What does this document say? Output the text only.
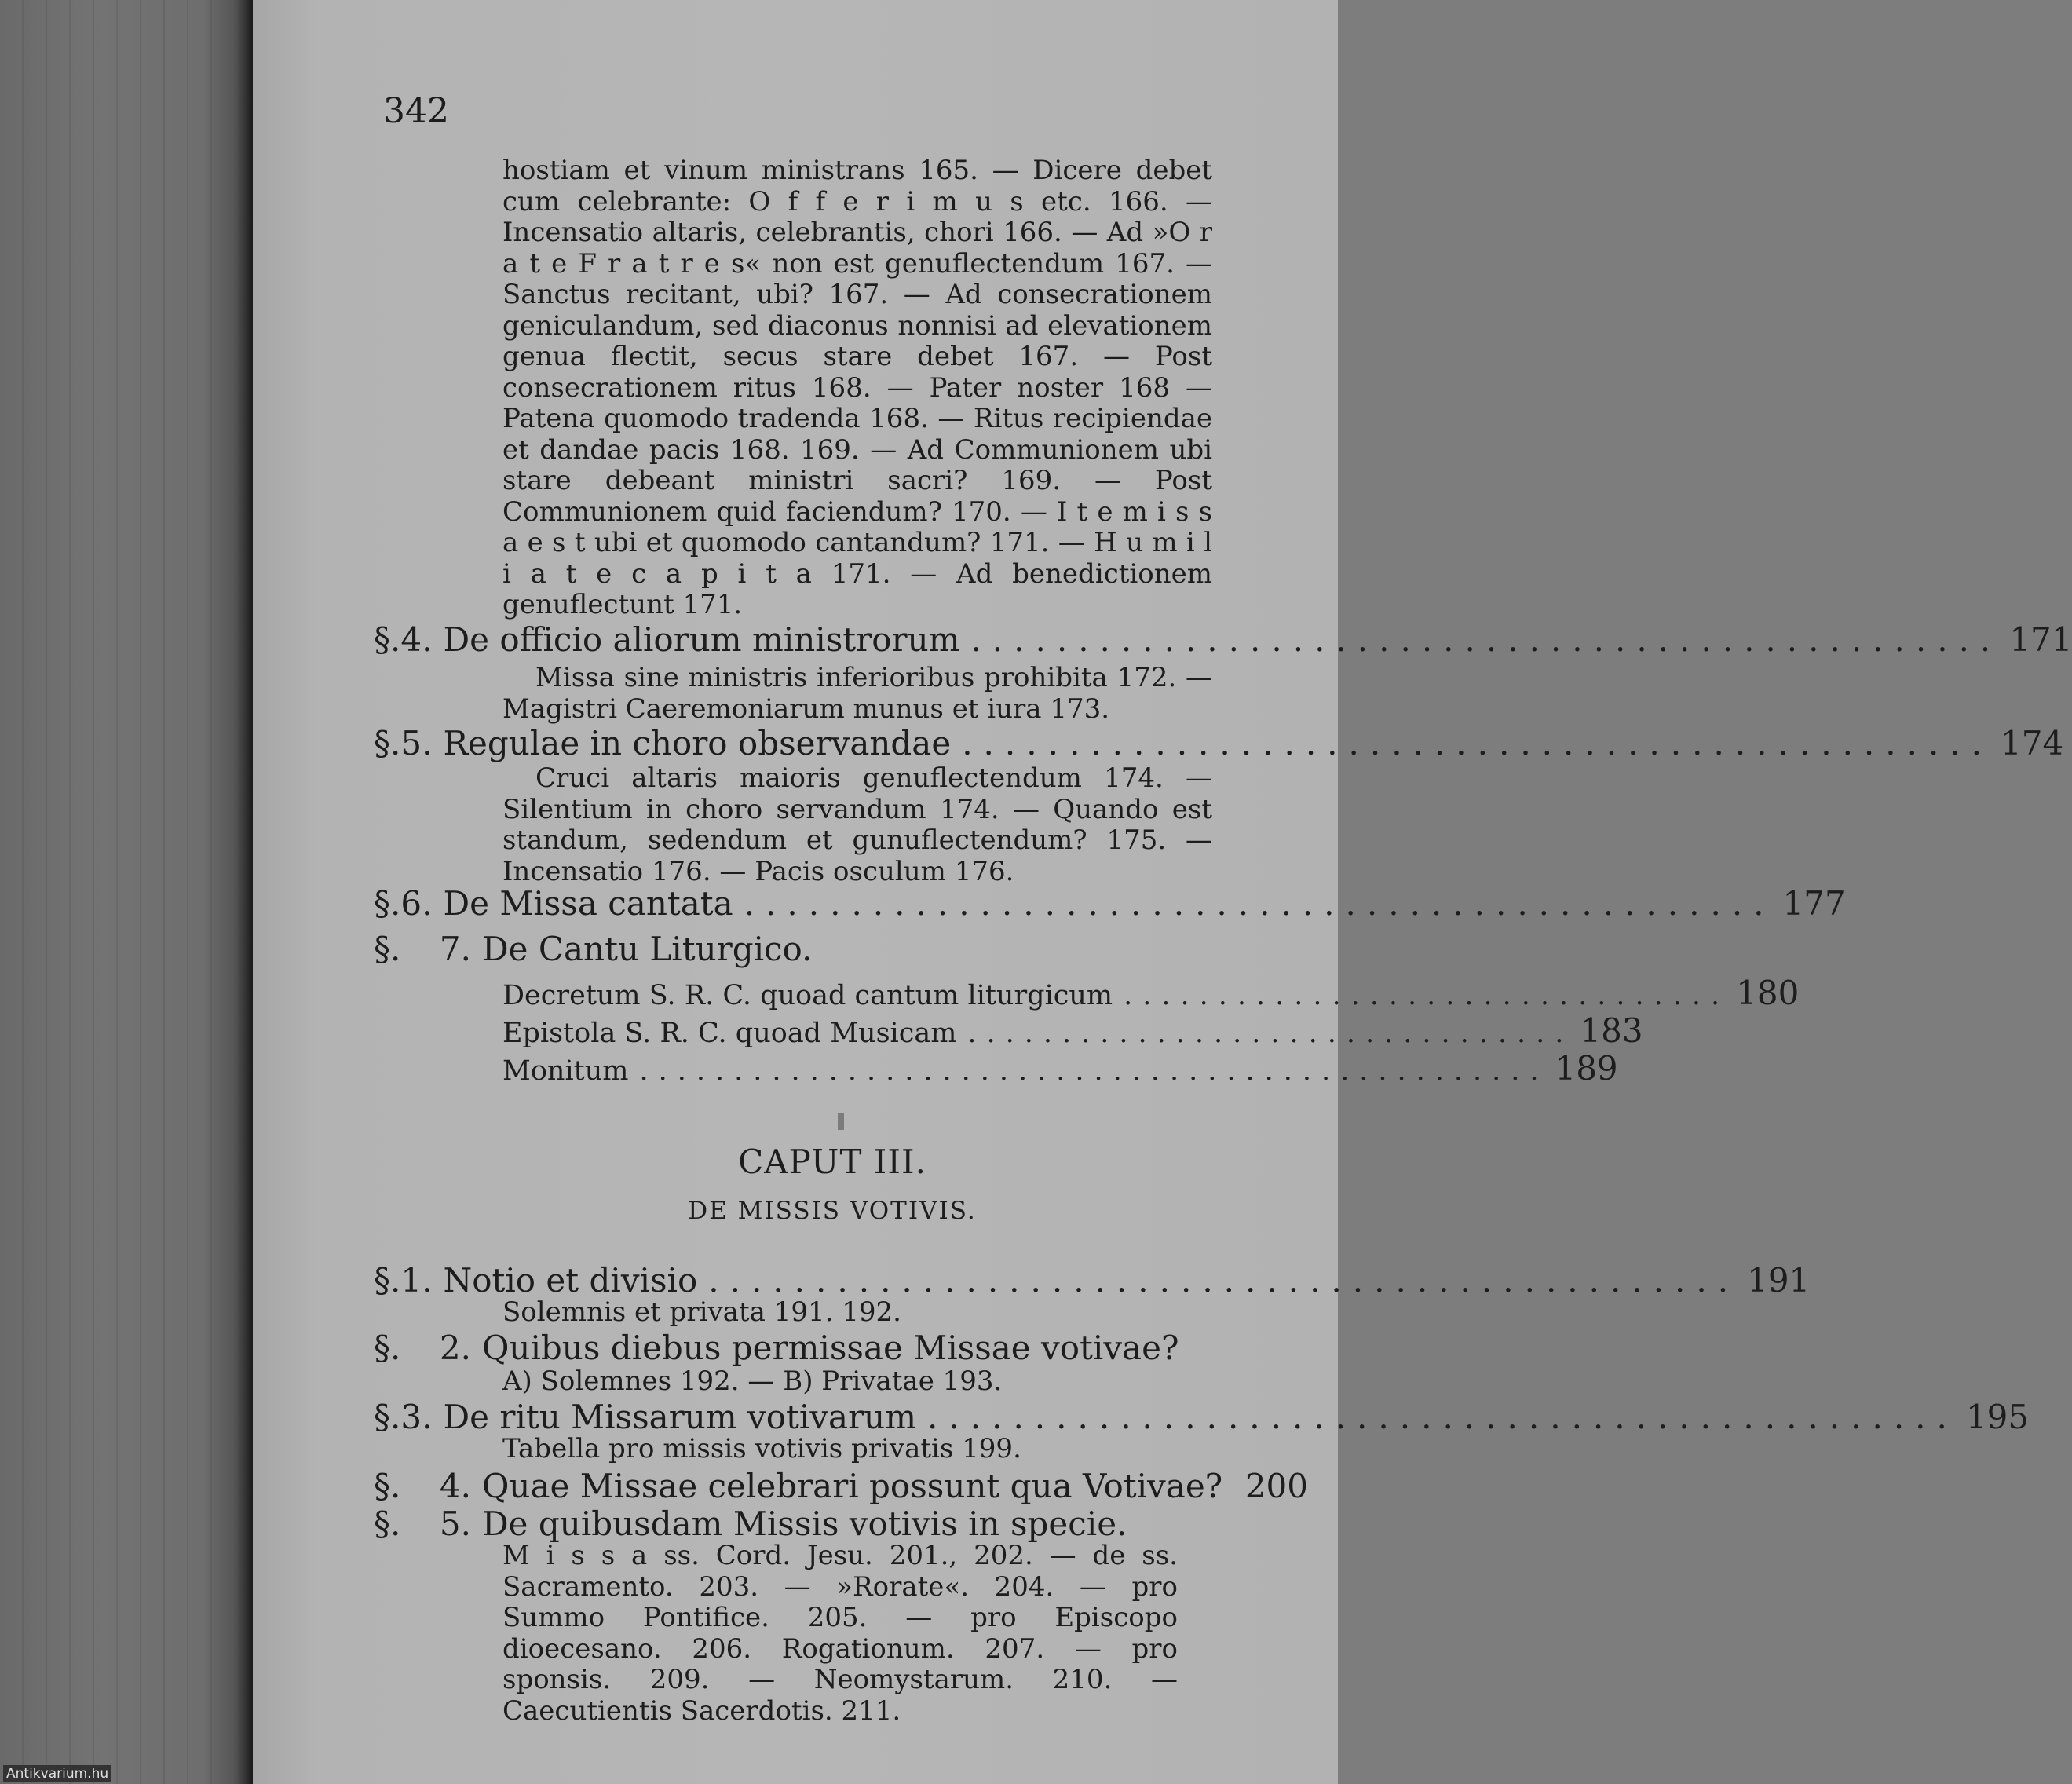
342

hostiam et vinum ministrans 165. — Dicere debet cum celebrante: O f f e r i m u s etc. 166. — Incensatio altaris, celebrantis, chori 166. — Ad »O r a t e F r a t r e s« non est genuflectendum 167. — Sanctus recitant, ubi? 167. — Ad consecrationem geniculandum, sed diaconus nonnisi ad elevationem genua flectit, secus stare debet 167. — Post consecrationem ritus 168. — Pater noster 168 — Patena quomodo tradenda 168. — Ritus recipiendae et dandae pacis 168. 169. — Ad Communionem ubi stare debeant ministri sacri? 169. — Post Communionem quid faciendum? 170. — I t e m i s s a e s t ubi et quomodo cantandum? 171. — H u m i l i a t e c a p i t a 171. — Ad benedictionem genuflectunt 171.

§. 4. De officio aliorum ministrorum ................................................ 171

Missa sine ministris inferioribus prohibita 172. — Magistri Caeremoniarum munus et iura 173.

§. 5. Regulae in choro observandae ................................................ 174

Cruci altaris maioris genuflectendum 174. — Silentium in choro servandum 174. — Quando est standum, sedendum et gunuflectendum? 175. — Incensatio 176. — Pacis osculum 176.

§. 6. De Missa cantata ................................................ 177
§.	7. De Cantu Liturgico.
Decretum S. R. C. quoad cantum liturgicum ................................ 180
Epistola S. R. C. quoad Musicam ................................ 183
Monitum ................................................ 189
CAPUT III.
DE MISSIS VOTIVIS.
§. 1. Notio et divisio ................................................ 191

Solemnis et privata 191. 192.

§.	2. Quibus diebus permissae Missae votivae?

A) Solemnes 192. — B) Privatae 193.

§. 3. De ritu Missarum votivarum ................................................ 195

Tabella pro missis votivis privatis 199.

§.	4. Quae Missae celebrari possunt qua Votivae? 200
§.	5. De quibusdam Missis votivis in specie.

M i s s a ss. Cord. Jesu. 201., 202. — de ss. Sacramento. 203. — »Rorate«. 204. — pro Summo Pontifice. 205. — pro Episcopo dioecesano. 206. Rogationum. 207. — pro sponsis. 209. — Neomystarum. 210. — Caecutientis Sacerdotis. 211.

Antikvarium.hu
